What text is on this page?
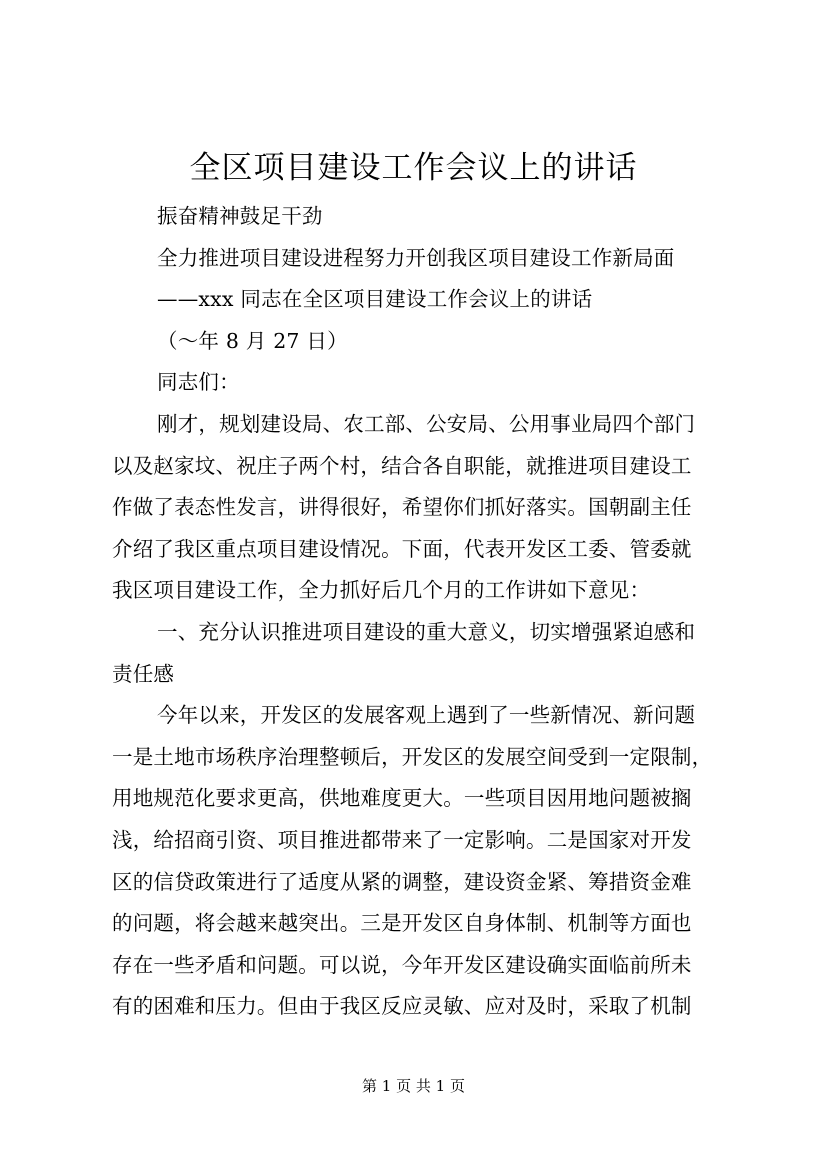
全区项目建设工作会议上的讲话
振奋精神鼓足干劲
全力推进项目建设进程努力开创我区项目建设工作新局面
——xxx 同志在全区项目建设工作会议上的讲话
（～年 8 月 27 日）
同志们：
刚才，规划建设局、农工部、公安局、公用事业局四个部门
以及赵家坟、祝庄子两个村，结合各自职能，就推进项目建设工
作做了表态性发言，讲得很好，希望你们抓好落实。国朝副主任
介绍了我区重点项目建设情况。下面，代表开发区工委、管委就
我区项目建设工作，全力抓好后几个月的工作讲如下意见：
一、充分认识推进项目建设的重大意义，切实增强紧迫感和
责任感
今年以来，开发区的发展客观上遇到了一些新情况、新问题
一是土地市场秩序治理整顿后，开发区的发展空间受到一定限制，
用地规范化要求更高，供地难度更大。一些项目因用地问题被搁
浅，给招商引资、项目推进都带来了一定影响。二是国家对开发
区的信贷政策进行了适度从紧的调整，建设资金紧、筹措资金难
的问题，将会越来越突出。三是开发区自身体制、机制等方面也
存在一些矛盾和问题。可以说，今年开发区建设确实面临前所未
有的困难和压力。但由于我区反应灵敏、应对及时，采取了机制
第 1 页 共 1 页
